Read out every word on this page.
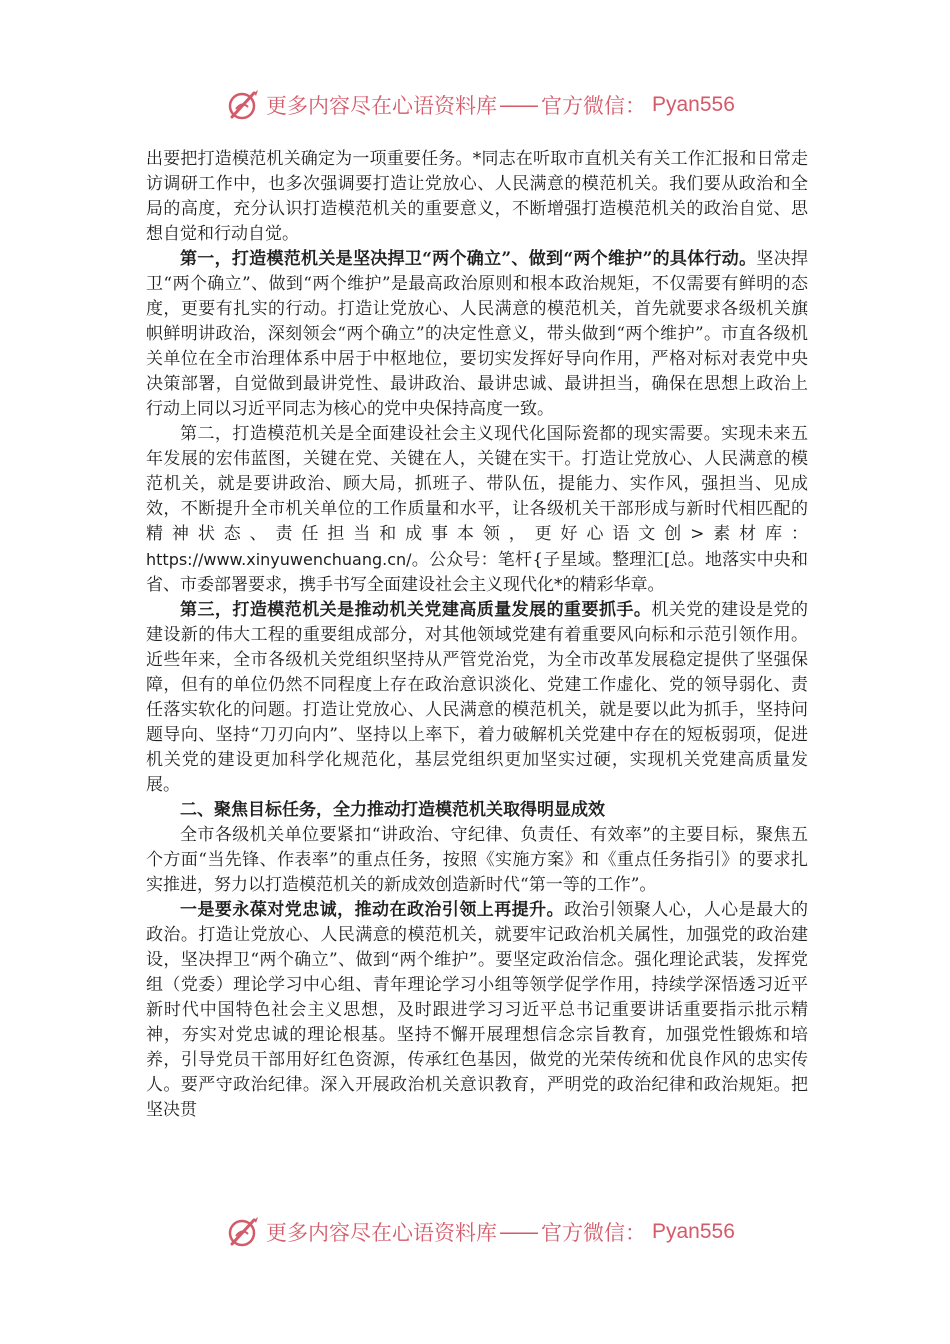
更多内容尽在心语资料库 —— 官方微信： Pyan556

出要把打造模范机关确定为一项重要任务。*同志在听取市直机关有关工作汇报和日常走访调研工作中，也多次强调要打造让党放心、人民满意的模范机关。我们要从政治和全局的高度，充分认识打造模范机关的重要意义，不断增强打造模范机关的政治自觉、思想自觉和行动自觉。

第一，打造模范机关是坚决捍卫“两个确立”、做到“两个维护”的具体行动。坚决捍卫“两个确立”、做到“两个维护”是最高政治原则和根本政治规矩，不仅需要有鲜明的态度，更要有扎实的行动。打造让党放心、人民满意的模范机关，首先就要求各级机关旗帜鲜明讲政治，深刻领会“两个确立”的决定性意义，带头做到“两个维护”。市直各级机关单位在全市治理体系中居于中枢地位，要切实发挥好导向作用，严格对标对表党中央决策部署，自觉做到最讲党性、最讲政治、最讲忠诚、最讲担当，确保在思想上政治上行动上同以习近平同志为核心的党中央保持高度一致。

第二，打造模范机关是全面建设社会主义现代化国际瓷都的现实需要。实现未来五年发展的宏伟蓝图，关键在党、关键在人，关键在实干。打造让党放心、人民满意的模范机关，就是要讲政治、顾大局，抓班子、带队伍，提能力、实作风，强担当、见成效，不断提升全市机关单位的工作质量和水平，让各级机关干部形成与新时代相匹配的精神状态、责任担当和成事本领，更好心语文创>素材库：https://www.xinyuwenchuang.cn/。公众号：笔杆{子星域。整理汇[总。地落实中央和省、市委部署要求，携手书写全面建设社会主义现代化*的精彩华章。

第三，打造模范机关是推动机关党建高质量发展的重要抓手。机关党的建设是党的建设新的伟大工程的重要组成部分，对其他领域党建有着重要风向标和示范引领作用。近些年来，全市各级机关党组织坚持从严管党治党，为全市改革发展稳定提供了坚强保障，但有的单位仍然不同程度上存在政治意识淡化、党建工作虚化、党的领导弱化、责任落实软化的问题。打造让党放心、人民满意的模范机关，就是要以此为抓手，坚持问题导向、坚持“刀刃向内”、坚持以上率下，着力破解机关党建中存在的短板弱项，促进机关党的建设更加科学化规范化，基层党组织更加坚实过硬，实现机关党建高质量发展。

二、聚焦目标任务，全力推动打造模范机关取得明显成效

全市各级机关单位要紧扣“讲政治、守纪律、负责任、有效率”的主要目标，聚焦五个方面“当先锋、作表率”的重点任务，按照《实施方案》和《重点任务指引》的要求扎实推进，努力以打造模范机关的新成效创造新时代“第一等的工作”。

一是要永葆对党忠诚，推动在政治引领上再提升。政治引领聚人心，人心是最大的政治。打造让党放心、人民满意的模范机关，就要牢记政治机关属性，加强党的政治建设，坚决捍卫“两个确立”、做到“两个维护”。要坚定政治信念。强化理论武装，发挥党组（党委）理论学习中心组、青年理论学习小组等领学促学作用，持续学深悟透习近平新时代中国特色社会主义思想，及时跟进学习习近平总书记重要讲话重要指示批示精神，夯实对党忠诚的理论根基。坚持不懈开展理想信念宗旨教育，加强党性锻炼和培养，引导党员干部用好红色资源，传承红色基因，做党的光荣传统和优良作风的忠实传人。要严守政治纪律。深入开展政治机关意识教育，严明党的政治纪律和政治规矩。把坚决贯

更多内容尽在心语资料库 —— 官方微信： Pyan556
